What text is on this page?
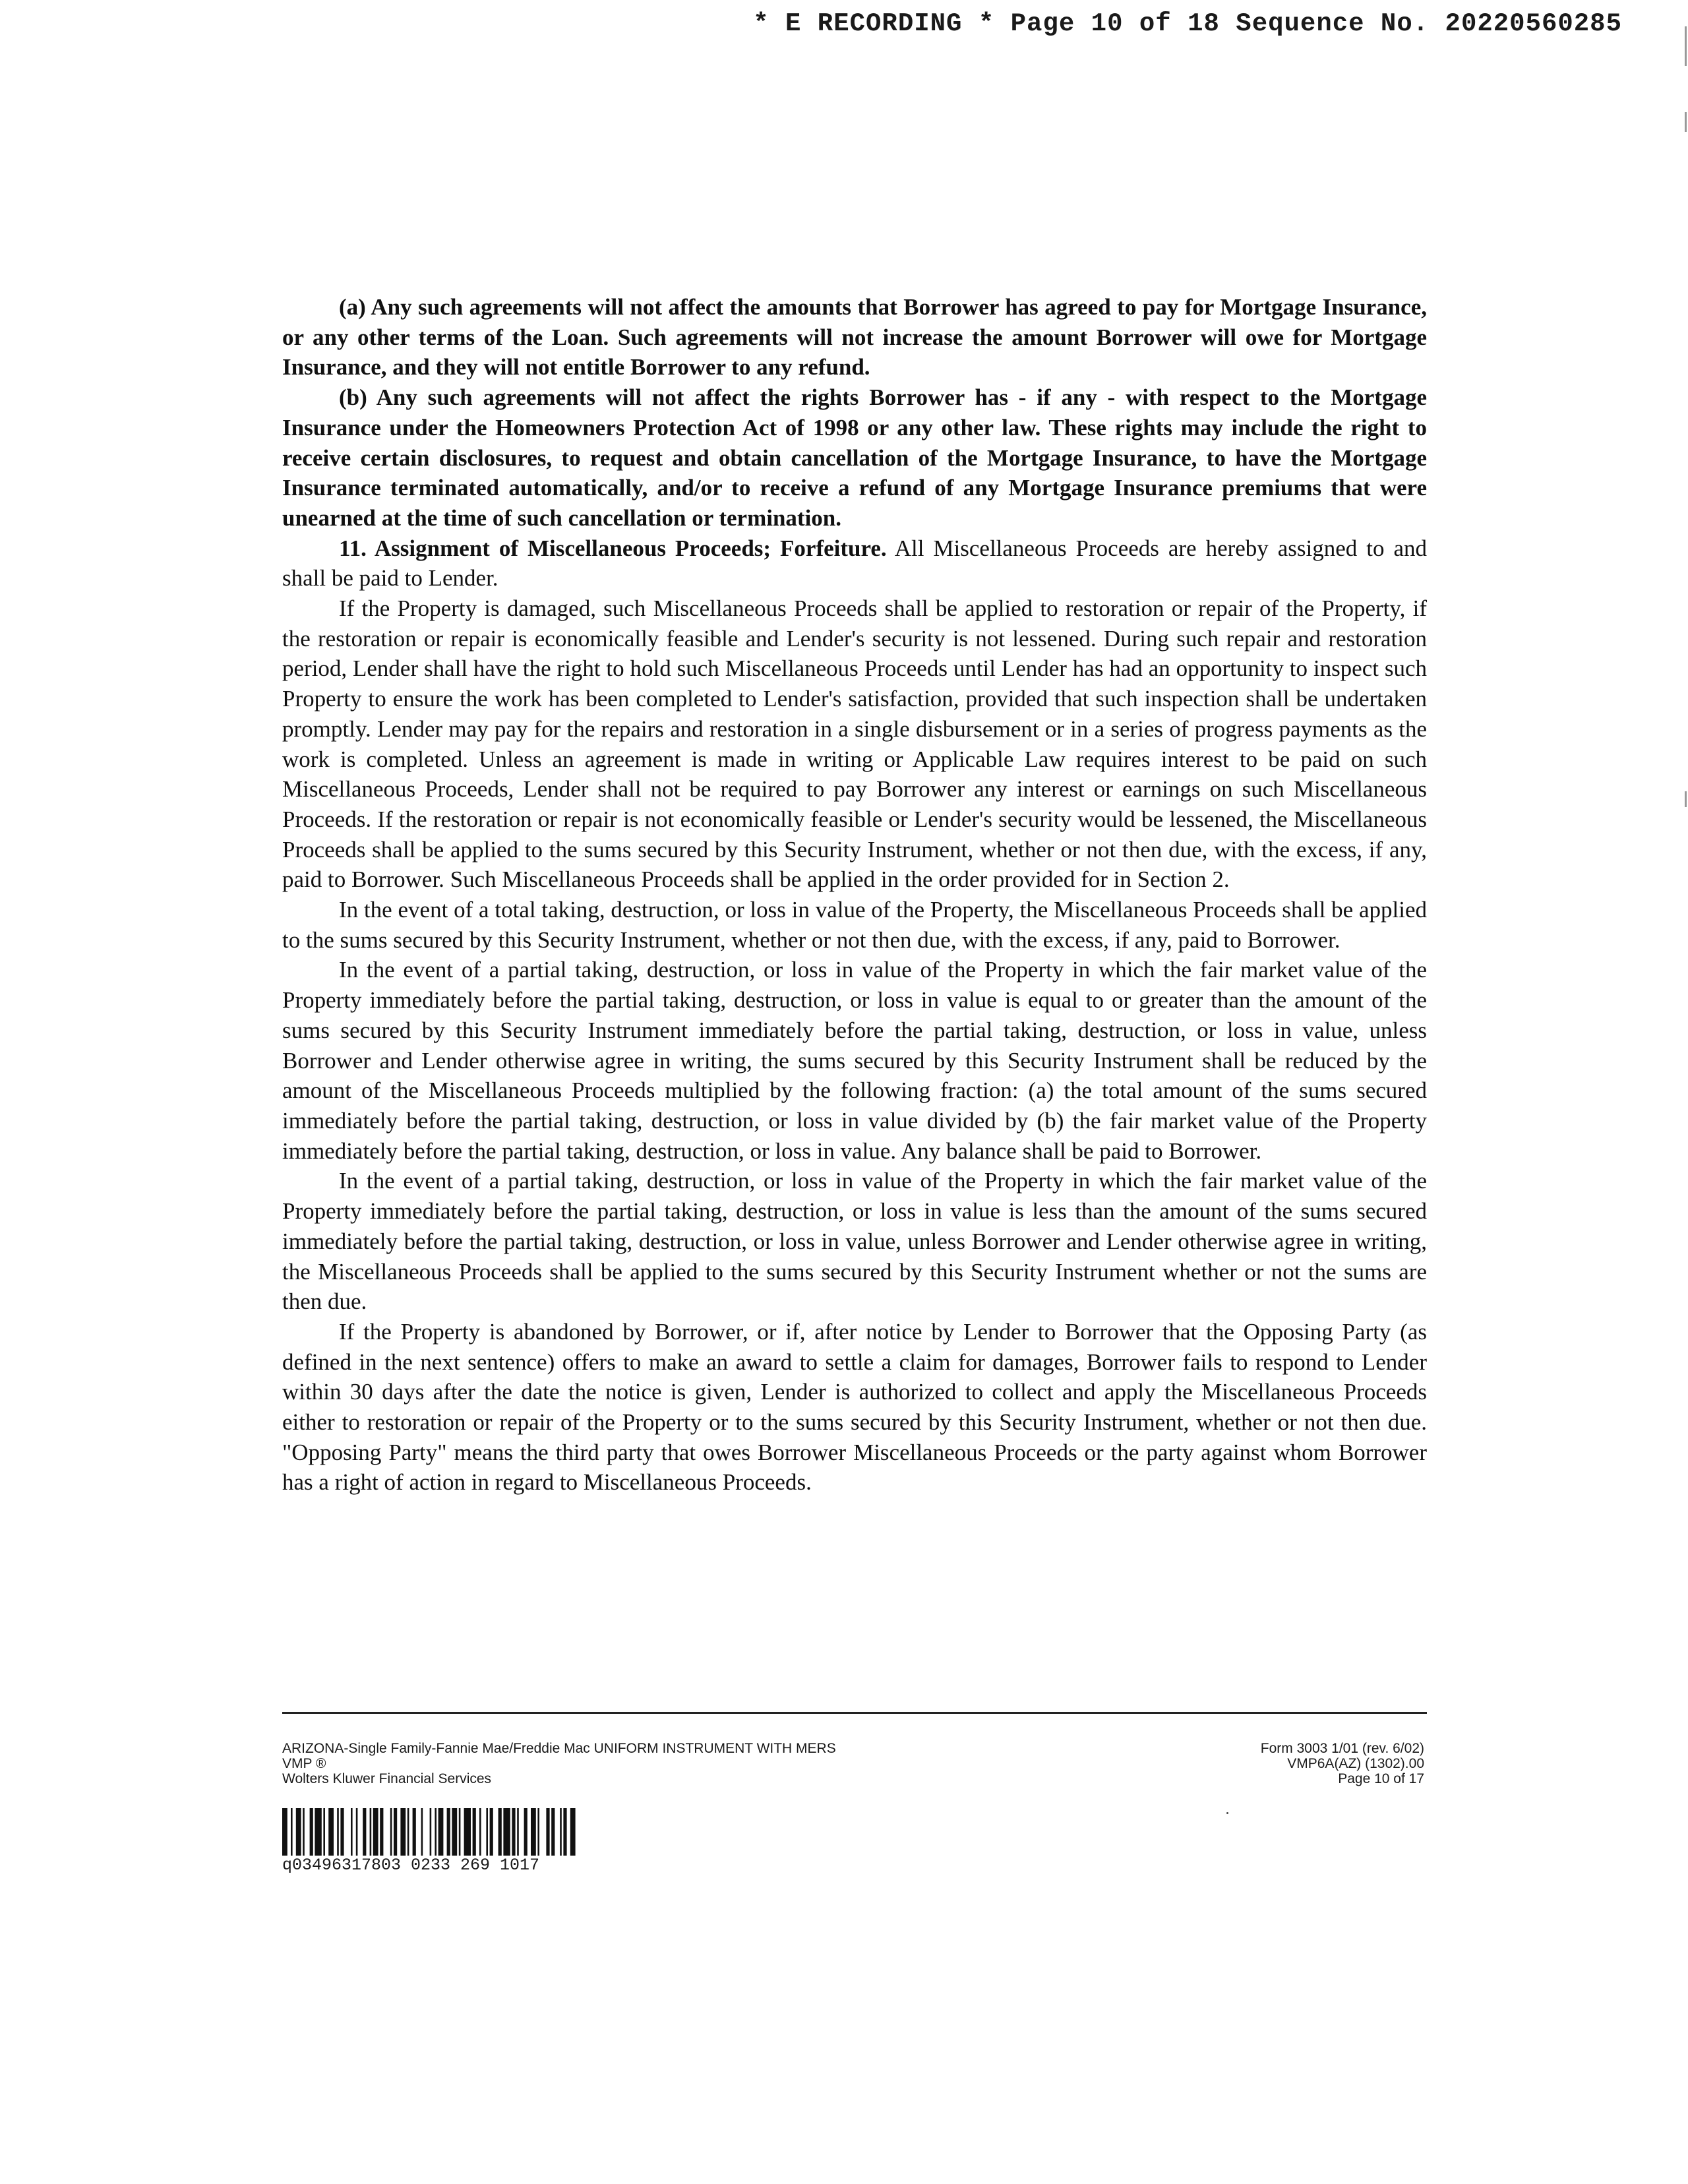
* E RECORDING * Page 10 of 18 Sequence No. 20220560285

(a) Any such agreements will not affect the amounts that Borrower has agreed to pay for Mortgage Insurance, or any other terms of the Loan. Such agreements will not increase the amount Borrower will owe for Mortgage Insurance, and they will not entitle Borrower to any refund.

(b) Any such agreements will not affect the rights Borrower has - if any - with respect to the Mortgage Insurance under the Homeowners Protection Act of 1998 or any other law. These rights may include the right to receive certain disclosures, to request and obtain cancellation of the Mortgage Insurance, to have the Mortgage Insurance terminated automatically, and/or to receive a refund of any Mortgage Insurance premiums that were unearned at the time of such cancellation or termination.

11. Assignment of Miscellaneous Proceeds; Forfeiture. All Miscellaneous Proceeds are hereby assigned to and shall be paid to Lender.

If the Property is damaged, such Miscellaneous Proceeds shall be applied to restoration or repair of the Property, if the restoration or repair is economically feasible and Lender's security is not lessened. During such repair and restoration period, Lender shall have the right to hold such Miscellaneous Proceeds until Lender has had an opportunity to inspect such Property to ensure the work has been completed to Lender's satisfaction, provided that such inspection shall be undertaken promptly. Lender may pay for the repairs and restoration in a single disbursement or in a series of progress payments as the work is completed. Unless an agreement is made in writing or Applicable Law requires interest to be paid on such Miscellaneous Proceeds, Lender shall not be required to pay Borrower any interest or earnings on such Miscellaneous Proceeds. If the restoration or repair is not economically feasible or Lender's security would be lessened, the Miscellaneous Proceeds shall be applied to the sums secured by this Security Instrument, whether or not then due, with the excess, if any, paid to Borrower. Such Miscellaneous Proceeds shall be applied in the order provided for in Section 2.

In the event of a total taking, destruction, or loss in value of the Property, the Miscellaneous Proceeds shall be applied to the sums secured by this Security Instrument, whether or not then due, with the excess, if any, paid to Borrower.

In the event of a partial taking, destruction, or loss in value of the Property in which the fair market value of the Property immediately before the partial taking, destruction, or loss in value is equal to or greater than the amount of the sums secured by this Security Instrument immediately before the partial taking, destruction, or loss in value, unless Borrower and Lender otherwise agree in writing, the sums secured by this Security Instrument shall be reduced by the amount of the Miscellaneous Proceeds multiplied by the following fraction: (a) the total amount of the sums secured immediately before the partial taking, destruction, or loss in value divided by (b) the fair market value of the Property immediately before the partial taking, destruction, or loss in value. Any balance shall be paid to Borrower.

In the event of a partial taking, destruction, or loss in value of the Property in which the fair market value of the Property immediately before the partial taking, destruction, or loss in value is less than the amount of the sums secured immediately before the partial taking, destruction, or loss in value, unless Borrower and Lender otherwise agree in writing, the Miscellaneous Proceeds shall be applied to the sums secured by this Security Instrument whether or not the sums are then due.

If the Property is abandoned by Borrower, or if, after notice by Lender to Borrower that the Opposing Party (as defined in the next sentence) offers to make an award to settle a claim for damages, Borrower fails to respond to Lender within 30 days after the date the notice is given, Lender is authorized to collect and apply the Miscellaneous Proceeds either to restoration or repair of the Property or to the sums secured by this Security Instrument, whether or not then due. "Opposing Party" means the third party that owes Borrower Miscellaneous Proceeds or the party against whom Borrower has a right of action in regard to Miscellaneous Proceeds.

ARIZONA-Single Family-Fannie Mae/Freddie Mac UNIFORM INSTRUMENT WITH MERS
VMP ®
Wolters Kluwer Financial Services
Form 3003 1/01 (rev. 6/02)
VMP6A(AZ) (1302).00
Page 10 of 17
q03496317803 0233 269 1017
